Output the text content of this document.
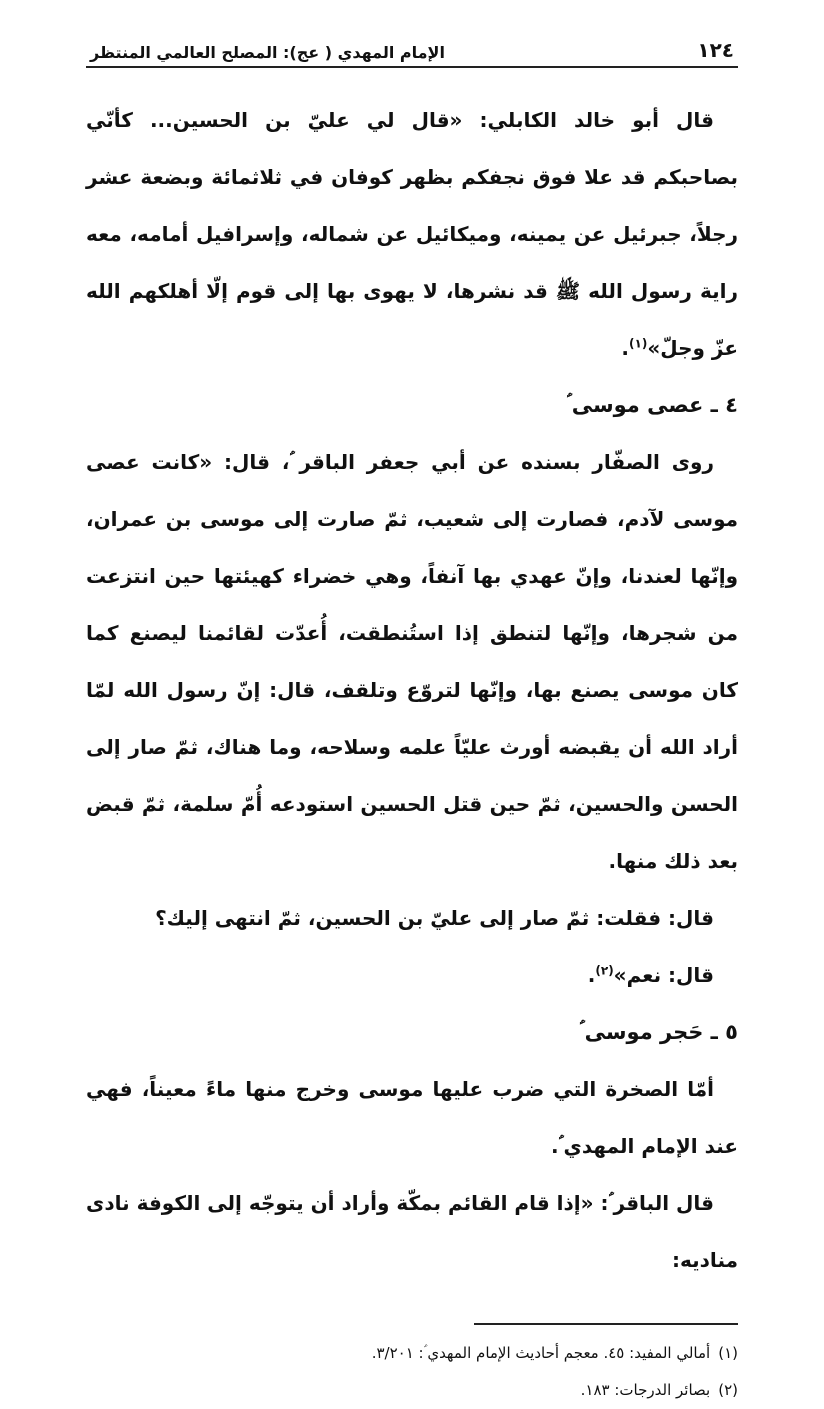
١٢٤
الإمام المهدي ( عج): المصلح العالمي المنتظر

قال أبو خالد الكابلي: «قال لي عليّ بن الحسين... كأنّي بصاحبكم قد علا فوق نجفكم بظهر كوفان في ثلاثمائة وبضعة عشر رجلاً، جبرئيل عن يمينه، وميكائيل عن شماله، وإسرافيل أمامه، معه راية رسول الله ﷺ قد نشرها، لا يهوى بها إلى قوم إلّا أهلكهم الله عزّ وجلّ»$^{(١)}$.

٤ ـ عصى موسى ؑ

روى الصفّار بسنده عن أبي جعفر الباقر ؑ، قال: «كانت عصى موسى لآدم، فصارت إلى شعيب، ثمّ صارت إلى موسى بن عمران، وإنّها لعندنا، وإنّ عهدي بها آنفاً، وهي خضراء كهيئتها حين انتزعت من شجرها، وإنّها لتنطق إذا استُنطقت، أُعدّت لقائمنا ليصنع كما كان موسى يصنع بها، وإنّها لتروّع وتلقف، قال: إنّ رسول الله لمّا أراد الله أن يقبضه أورث عليّاً علمه وسلاحه، وما هناك، ثمّ صار إلى الحسن والحسين، ثمّ حين قتل الحسين استودعه أُمّ سلمة، ثمّ قبض بعد ذلك منها.

قال: فقلت: ثمّ صار إلى عليّ بن الحسين، ثمّ انتهى إليك؟

قال: نعم»$^{(٢)}$.

٥ ـ حَجر موسى ؑ

أمّا الصخرة التي ضرب عليها موسى وخرج منها ماءً معيناً، فهي عند الإمام المهدي ؑ.

قال الباقر ؑ: «إذا قام القائم بمكّة وأراد أن يتوجّه إلى الكوفة نادى مناديه:

(١)أمالي المفيد: ٤٥. معجم أحاديث الإمام المهدي ؑ: ٣/٢٠١.
(٢)بصائر الدرجات: ١٨٣.
